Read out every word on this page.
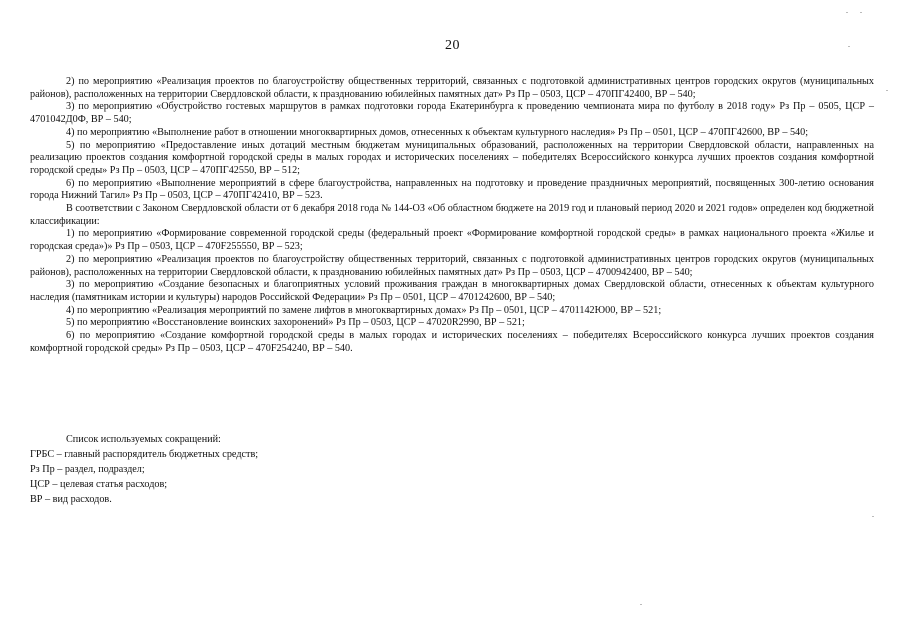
20

2) по мероприятию «Реализация проектов по благоустройству общественных территорий, связанных с подготовкой административных центров городских округов (муниципальных районов), расположенных на территории Свердловской области, к празднованию юбилейных памятных дат» Рз Пр – 0503, ЦСР – 470ПГ42400, ВР – 540;

3) по мероприятию «Обустройство гостевых маршрутов в рамках подготовки города Екатеринбурга к проведению чемпионата мира по футболу в 2018 году» Рз Пр – 0505, ЦСР – 4701042Д0Ф, ВР – 540;

4) по мероприятию «Выполнение работ в отношении многоквартирных домов, отнесенных к объектам культурного наследия» Рз Пр – 0501, ЦСР – 470ПГ42600, ВР – 540;

5) по мероприятию «Предоставление иных дотаций местным бюджетам муниципальных образований, расположенных на территории Свердловской области, направленных на реализацию проектов создания комфортной городской среды в малых городах и исторических поселениях – победителях Всероссийского конкурса лучших проектов создания комфортной городской среды» Рз Пр – 0503, ЦСР – 470ПГ42550, ВР – 512;

6) по мероприятию «Выполнение мероприятий в сфере благоустройства, направленных на подготовку и проведение праздничных мероприятий, посвященных 300-летию основания города Нижний Тагил» Рз Пр – 0503, ЦСР – 470ПГ42410, ВР – 523.

В соответствии с Законом Свердловской области от 6 декабря 2018 года № 144-ОЗ «Об областном бюджете на 2019 год и плановый период 2020 и 2021 годов» определен код бюджетной классификации:

1) по мероприятию «Формирование современной городской среды (федеральный проект «Формирование комфортной городской среды» в рамках национального проекта «Жилье и городская среда»)» Рз Пр – 0503, ЦСР – 470F255550, ВР – 523;

2) по мероприятию «Реализация проектов по благоустройству общественных территорий, связанных с подготовкой административных центров городских округов (муниципальных районов), расположенных на территории Свердловской области, к празднованию юбилейных памятных дат» Рз Пр – 0503, ЦСР – 4700942400, ВР – 540;

3) по мероприятию «Создание безопасных и благоприятных условий проживания граждан в многоквартирных домах Свердловской области, отнесенных к объектам культурного наследия (памятникам истории и культуры) народов Российской Федерации» Рз Пр – 0501, ЦСР – 4701242600, ВР – 540;

4) по мероприятию «Реализация мероприятий по замене лифтов в многоквартирных домах» Рз Пр – 0501, ЦСР – 4701142Ю00, ВР – 521;

5) по мероприятию «Восстановление воинских захоронений» Рз Пр – 0503, ЦСР – 47020R2990, ВР – 521;

6) по мероприятию «Создание комфортной городской среды в малых городах и исторических поселениях – победителях Всероссийского конкурса лучших проектов создания комфортной городской среды» Рз Пр – 0503, ЦСР – 470F254240, ВР – 540.

Список используемых сокращений:
ГРБС – главный распорядитель бюджетных средств;
Рз Пр – раздел, подраздел;
ЦСР – целевая статья расходов;
ВР – вид расходов.
